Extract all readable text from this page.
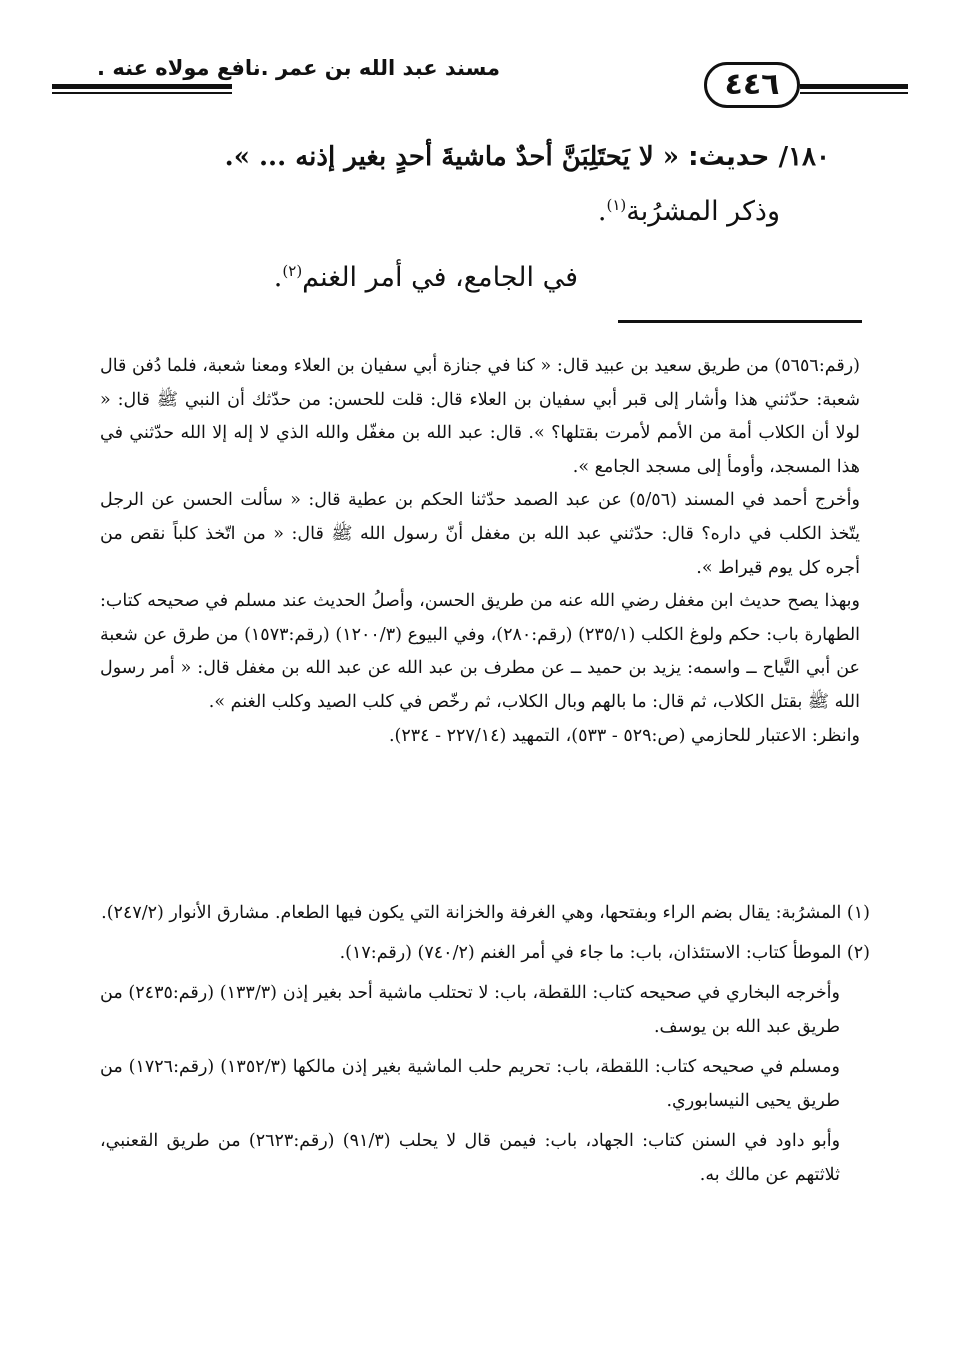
مسند عبد الله بن عمر .نافع مولاه عنه .	٤٤٦
١٨٠/ حديث: « لا يَحتَلِبَنَّ أحدٌ ماشيةَ أحدٍ بغير إذنه ... ».
وذكر المشرُبة$^{(١)}$.
في الجامع، في أمر الغنم$^{(٢)}$.

(رقم:٥٦٥٦) من طريق سعيد بن عبيد قال: « كنا في جنازة أبي سفيان بن العلاء ومعنا شعبة، فلما دُفن قال شعبة: حدّثني هذا وأشار إلى قبر أبي سفيان بن العلاء قال: قلت للحسن: من حدّثك أن النبي ﷺ قال: « لولا أن الكلاب أمة من الأمم لأمرت بقتلها؟ ». قال: عبد الله بن مغفّل والله الذي لا إله إلا الله حدّثني في هذا المسجد، وأومأ إلى مسجد الجامع ».

وأخرج أحمد في المسند (٥/٥٦) عن عبد الصمد حدّثنا الحكم بن عطية قال: « سألت الحسن عن الرجل يتّخذ الكلب في داره؟ قال: حدّثني عبد الله بن مغفل أنّ رسول الله ﷺ قال: « من اتّخذ كلباً نقص من أجره كل يوم قيراط ».

وبهذا يصح حديث ابن مغفل رضي الله عنه من طريق الحسن، وأصلُ الحديث عند مسلم في صحيحه كتاب: الطهارة باب: حكم ولوغ الكلب (٢٣٥/١) (رقم:٢٨٠)، وفي البيوع (١٢٠٠/٣) (رقم:١٥٧٣) من طرق عن شعبة عن أبي التَّياح ــ واسمه: يزيد بن حميد ــ عن مطرف بن عبد الله عن عبد الله بن مغفل قال: « أمر رسول الله ﷺ بقتل الكلاب، ثم قال: ما بالهم وبال الكلاب، ثم رخّص في كلب الصيد وكلب الغنم ».

وانظر: الاعتبار للحازمي (ص:٥٢٩ - ٥٣٣)، التمهيد (٢٢٧/١٤ - ٢٣٤).

(١) المشرُبة: يقال بضم الراء وبفتحها، وهي الغرفة والخزانة التي يكون فيها الطعام. مشارق الأنوار (٢٤٧/٢).

(٢) الموطأ كتاب: الاستئذان، باب: ما جاء في أمر الغنم (٧٤٠/٢) (رقم:١٧).

وأخرجه البخاري في صحيحه كتاب: اللقطة، باب: لا تحتلب ماشية أحد بغير إذن (١٣٣/٣) (رقم:٢٤٣٥) من طريق عبد الله بن يوسف.

ومسلم في صحيحه كتاب: اللقطة، باب: تحريم حلب الماشية بغير إذن مالكها (١٣٥٢/٣) (رقم:١٧٢٦) من طريق يحيى النيسابوري.

وأبو داود في السنن كتاب: الجهاد، باب: فيمن قال لا يحلب (٩١/٣) (رقم:٢٦٢٣) من طريق القعنبي، ثلاثتهم عن مالك به.
